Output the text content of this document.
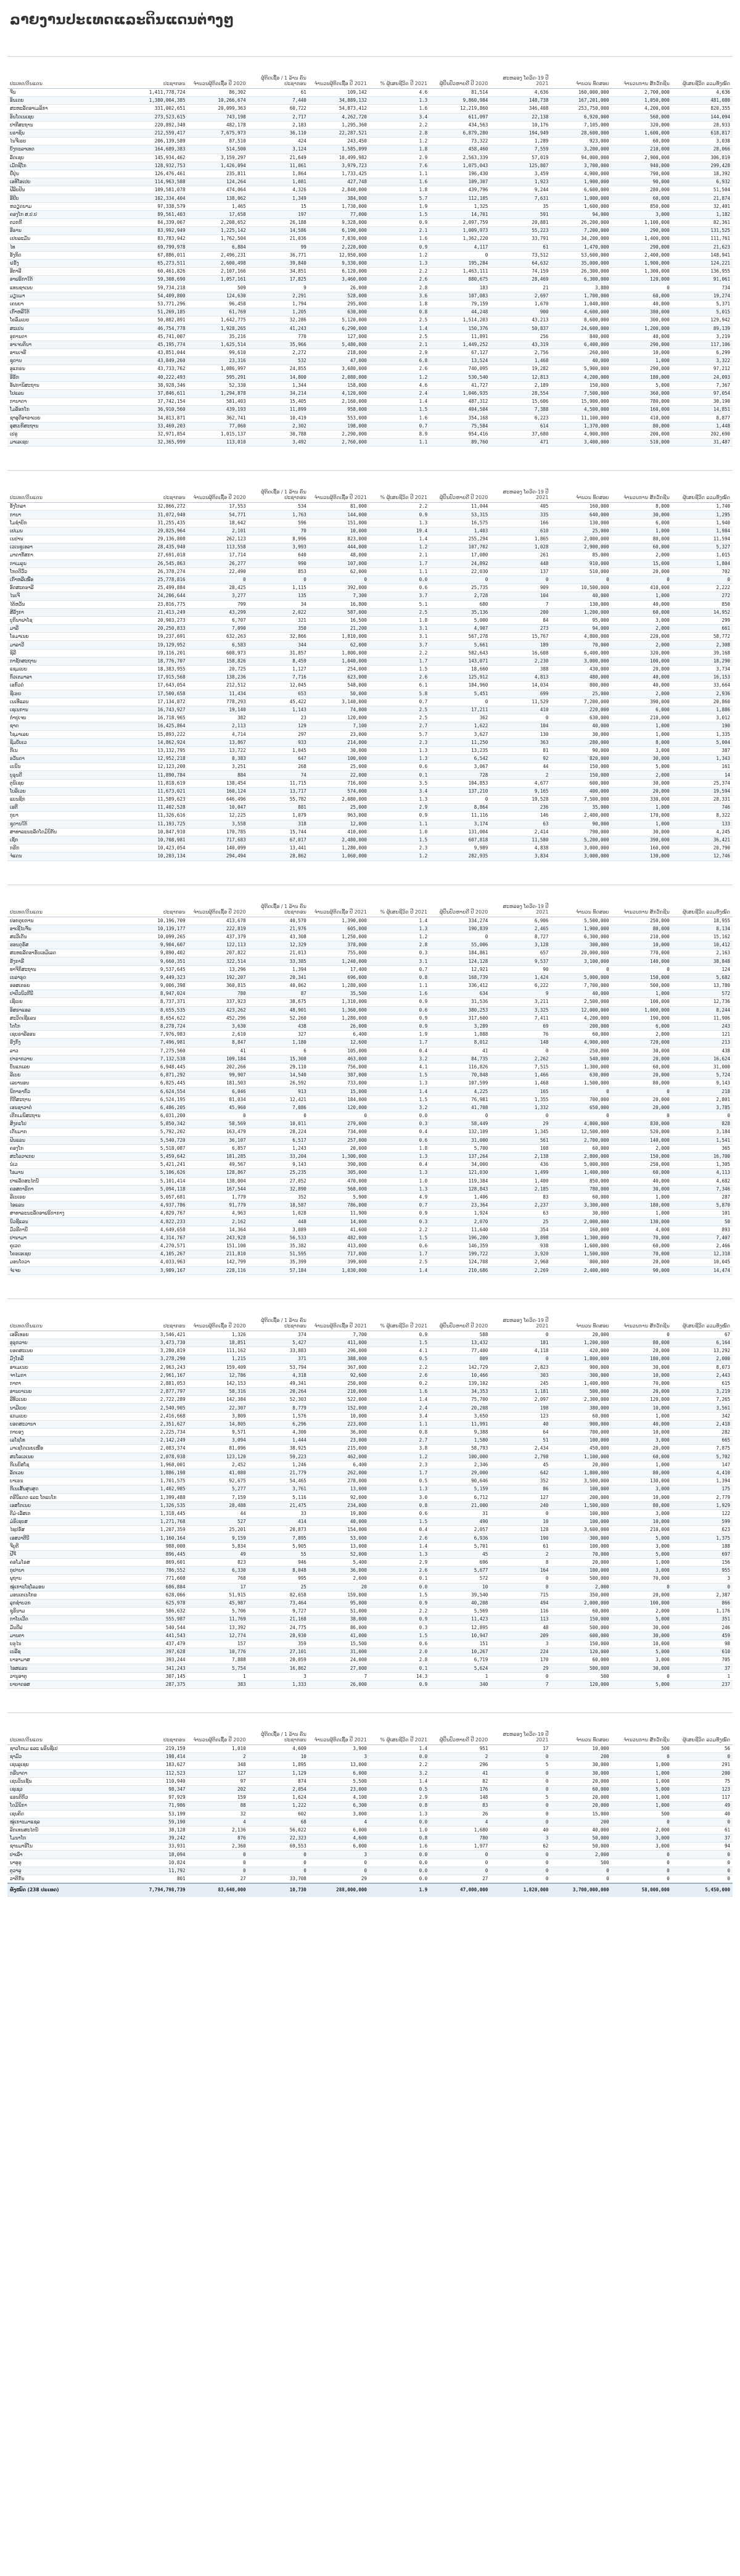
ລາຍງານປະເທດແລະດິນແດນຕ່າງໆ
ປະເທດ/ດິນແດນ	ປະຊາກອນ	ຈຳນວນຜູ້ຕິດເຊື້ອ ປີ 2020	ຜູ້ຕິດເຊື້ອ / 1 ລ້ານ ຄົນປະຊາກອນ	ຈຳນວນຜູ້ຕິດເຊື້ອ ປີ 2021	% ຜູ້ເສຍຊີວິດ ປີ 2021	ຜູ້ປິ່ນປົວຫາຍດີ ປີ 2020	ສະຫລອງ ໂຄວິດ-19 ປີ 2021	ຈຳນວນ ທົດສອບ	ຈຳນວນການ ສັກວັກຊີນ	ຜູ້ເສຍຊີວິດ ລວມທັງໝົດ
ຈີນ	1,411,778,724	86,302	61	109,142	4.6	81,514	4,636	160,000,000	2,700,000	4,636
ອິນເດຍ	1,380,004,385	10,266,674	7,440	34,889,132	1.3	9,860,984	148,738	167,201,000	1,050,000	481,080
ສະຫະລັດອາເມລິກາ	331,002,651	20,099,363	60,722	54,873,412	1.6	12,219,860	346,408	253,750,000	4,200,000	820,355
ອິນໂດເນເຊຍ	273,523,615	743,198	2,717	4,262,720	3.4	611,097	22,138	6,920,000	560,000	144,094
ປາກີສະຖານ	220,892,340	482,178	2,183	1,295,360	2.2	434,563	10,176	7,105,000	320,000	28,933
ບຣາຊິນ	212,559,417	7,675,973	36,110	22,287,521	2.8	6,879,280	194,949	28,600,000	1,600,000	618,817
ໄນຈີເຣຍ	206,139,589	87,510	424	243,450	1.2	73,322	1,289	923,000	60,000	3,038
ບັງກະລາເທດ	164,689,383	514,500	3,124	1,585,099	1.8	458,460	7,559	3,200,000	210,000	28,066
ລັດເຊຍ	145,934,462	3,159,297	21,649	10,499,982	2.9	2,563,339	57,019	94,000,000	2,900,000	306,819
ເມັກຊິໂກ	128,932,753	1,426,094	11,061	3,979,723	7.6	1,075,043	125,807	3,700,000	940,000	299,428
ຍີ່ປຸ່ນ	126,476,461	235,811	1,864	1,733,425	1.1	196,430	3,459	4,900,000	790,000	18,392
ເອທິໂອເປຍ	114,963,588	124,264	1,081	427,748	1.6	109,307	1,923	1,900,000	90,000	6,932
ຟີລິບປິນ	109,581,078	474,064	4,326	2,840,000	1.8	439,796	9,244	6,600,000	280,000	51,504
ອີຢິບ	102,334,404	138,062	1,349	384,000	5.7	112,105	7,631	1,000,000	60,000	21,874
ຫວຽດນາມ	97,338,579	1,465	15	1,730,000	1.9	1,325	35	1,600,000	850,000	32,401
ຄອງໂກ ສ.ປ.ປ	89,561,403	17,658	197	77,000	1.5	14,701	591	94,000	3,000	1,182
ຕວກກີ	84,339,067	2,208,652	26,188	9,328,000	0.9	2,097,759	20,881	26,200,000	1,100,000	82,361
ອີຣານ	83,992,949	1,225,142	14,586	6,190,000	2.1	1,009,973	55,223	7,200,000	290,000	131,525
ເຢຍລະມັນ	83,783,942	1,762,504	21,036	7,030,000	1.6	1,362,220	33,791	34,200,000	1,400,000	111,761
ໄທ	69,799,978	6,884	99	2,220,000	0.9	4,117	61	1,470,000	290,000	21,623
ອັງກິດ	67,886,011	2,496,231	36,771	12,950,000	1.2	0	73,512	53,600,000	2,400,000	148,941
ຝຣັ່ງ	65,273,511	2,600,498	39,840	9,330,000	1.3	195,284	64,632	35,000,000	1,900,000	124,221
ອີຕາລີ	60,461,826	2,107,166	34,851	6,120,000	2.2	1,463,111	74,159	26,300,000	1,300,000	136,955
ອາຟຣິກາໃຕ້	59,308,690	1,057,161	17,825	3,460,000	2.6	880,675	28,469	6,300,000	120,000	91,061
ແທນຊາເນຍ	59,734,218	509	9	26,000	2.8	183	21	3,880	0	734
ມຽນມາ	54,409,800	124,630	2,291	528,000	3.6	107,083	2,697	1,700,000	60,000	19,274
ເຄນຍາ	53,771,296	96,458	1,794	295,000	1.8	79,159	1,670	1,040,000	40,000	5,371
ເກົາຫລີໃຕ້	51,269,185	61,769	1,205	630,000	0.8	44,248	900	4,600,000	380,000	5,015
ໂຄລົມເບຍ	50,882,891	1,642,775	32,286	5,120,000	2.5	1,514,203	43,213	8,600,000	300,000	129,942
ສະເປນ	46,754,778	1,928,265	41,243	6,290,000	1.4	150,376	50,837	24,600,000	1,200,000	89,139
ອູການດາ	45,741,007	35,216	770	127,000	2.5	11,891	256	840,000	40,000	3,219
ອາເຈນຕິນາ	45,195,774	1,625,514	35,966	5,480,000	2.1	1,449,252	43,319	6,400,000	290,000	117,106
ອານເຈຣີ	43,851,044	99,610	2,272	218,000	2.9	67,127	2,756	260,000	10,000	6,299
ຊູດານ	43,849,260	23,316	532	47,000	6.8	13,524	1,468	40,000	1,000	3,322
ອູແກຣນ	43,733,762	1,086,997	24,855	3,680,000	2.6	740,095	19,282	5,900,000	290,000	97,212
ອີຣັກ	40,222,493	595,291	14,800	2,080,000	1.2	530,540	12,813	4,200,000	180,000	24,093
ອັຟການິສະຖານ	38,928,346	52,330	1,344	158,000	4.6	41,727	2,189	150,000	5,000	7,367
ໂປແລນ	37,846,611	1,294,878	34,214	4,120,000	2.4	1,046,935	28,554	7,500,000	360,000	97,054
ການາດາ	37,742,154	581,403	15,405	2,160,000	1.4	487,312	15,606	15,900,000	780,000	30,190
ໂມລັອກໂກ	36,910,560	439,193	11,899	958,000	1.5	404,504	7,388	4,500,000	160,000	14,851
ຊາອຸດີອາຣາເບຍ	34,813,871	362,741	10,419	553,000	1.6	354,168	6,223	11,100,000	410,000	8,877
ອຸສເບກິສະຖານ	33,469,203	77,060	2,302	198,000	0.7	75,584	614	1,370,000	80,000	1,448
ເປຣູ	32,971,854	1,015,137	30,788	2,290,000	8.9	954,416	37,680	4,900,000	200,000	202,690
ມາເລເຊຍ	32,365,999	113,010	3,492	2,760,000	1.1	89,760	471	3,400,000	510,000	31,487
ປະເທດ/ດິນແດນ	ປະຊາກອນ	ຈຳນວນຜູ້ຕິດເຊື້ອ ປີ 2020	ຜູ້ຕິດເຊື້ອ / 1 ລ້ານ ຄົນປະຊາກອນ	ຈຳນວນຜູ້ຕິດເຊື້ອ ປີ 2021	% ຜູ້ເສຍຊີວິດ ປີ 2021	ຜູ້ປິ່ນປົວຫາຍດີ ປີ 2020	ສະຫລອງ ໂຄວິດ-19 ປີ 2021	ຈຳນວນ ທົດສອບ	ຈຳນວນການ ສັກວັກຊີນ	ຜູ້ເສຍຊີວິດ ລວມທັງໝົດ
ອັງໂກລາ	32,866,272	17,553	534	81,000	2.2	11,044	405	160,000	8,000	1,740
ການາ	31,072,940	54,771	1,763	144,000	0.9	53,315	335	640,000	30,000	1,295
ໂມຊຳບິກ	31,255,435	18,642	596	151,000	1.3	16,575	166	130,000	6,000	1,940
ເຢເມນ	29,825,964	2,101	70	10,000	19.4	1,403	610	25,000	1,000	1,984
ເນປານ	29,136,808	262,123	8,996	823,000	1.4	255,294	1,865	2,000,000	80,000	11,594
ເວເນຊູເອລາ	28,435,940	113,558	3,993	444,000	1.2	107,702	1,028	2,900,000	60,000	5,327
ມາດາກັສກາ	27,691,018	17,714	640	48,000	2.1	17,080	261	85,000	2,000	1,015
ກາເມລູນ	26,545,863	26,277	990	107,000	1.7	24,892	448	910,000	15,000	1,804
ໂກດດິວົວ	26,378,274	22,490	853	62,000	1.1	22,030	137	510,000	20,000	702
ເກົາຫລີເໜືອ	25,778,816	0	0	0	0.0	0	0	0	0	0
ອົດສະຕຣາລີ	25,499,884	28,425	1,115	392,000	0.6	25,735	909	10,500,000	410,000	2,222
ໄນເຈີ	24,206,644	3,277	135	7,300	3.7	2,728	104	40,000	1,000	272
ໄຕ້ຫວັນ	23,816,775	799	34	16,800	5.1	680	7	130,000	40,000	850
ສີລັງກາ	21,413,249	43,299	2,022	587,000	2.5	35,136	200	1,200,000	60,000	14,952
ບູກິນາຟາໂຊ	20,903,273	6,707	321	16,500	1.8	5,000	84	95,000	3,000	299
ມາລີ	20,250,833	7,090	350	21,200	3.1	4,907	273	94,000	2,000	661
ໂຣມາເນຍ	19,237,691	632,263	32,866	1,810,000	3.1	567,278	15,767	4,800,000	220,000	58,772
ມາລາວີ	19,129,952	6,583	344	62,000	3.7	5,661	189	70,000	2,000	2,308
ຊິລີ	19,116,201	608,973	31,857	1,800,000	2.2	582,643	16,608	6,400,000	320,000	39,168
ກາຊັກສະຖານ	18,776,707	158,826	8,459	1,040,000	1.7	143,071	2,230	3,000,000	100,000	18,290
ແຊມເບຍ	18,383,955	20,725	1,127	254,000	1.5	18,660	388	430,000	20,000	3,734
ກົວເຕມາລາ	17,915,568	138,236	7,716	623,000	2.6	125,912	4,813	480,000	40,000	16,153
ເອກົວດໍ	17,643,054	212,512	12,045	548,000	6.1	184,960	14,034	800,000	40,000	33,664
ຊີເຣຍ	17,500,658	11,434	653	50,000	5.8	5,451	699	25,000	2,000	2,936
ເນເທີແລນ	17,134,872	778,293	45,422	3,140,000	0.7	0	11,529	7,200,000	390,000	20,860
ເຊເນການ	16,743,927	19,140	1,143	74,000	2.5	17,211	410	220,000	6,000	1,886
ກຳປູເຈຍ	16,718,965	382	23	120,000	2.5	362	0	630,000	210,000	3,012
ຊາດ	16,425,864	2,113	129	7,100	2.7	1,622	104	40,000	1,000	190
ໂຊມາເລຍ	15,893,222	4,714	297	23,000	5.7	3,627	130	30,000	1,000	1,335
ຊິມບັບເວ	14,862,924	13,867	933	214,000	2.3	11,250	363	280,000	8,000	5,004
ກີເນ	13,132,795	13,722	1,045	30,000	1.3	13,235	81	90,000	3,000	387
ຣວັນດາ	12,952,218	8,383	647	100,000	1.3	6,542	92	820,000	30,000	1,343
ເບນິນ	12,123,200	3,251	268	25,000	0.6	3,067	44	150,000	5,000	161
ບູຣຸນດີ	11,890,784	884	74	22,000	0.1	728	2	150,000	2,000	14
ຕູນິເຊຍ	11,818,619	138,454	11,715	716,000	3.5	104,853	4,677	600,000	30,000	25,374
ໂບລິເວຍ	11,673,021	160,124	13,717	574,000	3.4	137,210	9,165	400,000	20,000	19,594
ແບນຊິກ	11,589,623	646,496	55,782	2,080,000	1.3	0	19,528	7,500,000	330,000	28,331
ເຮຕີ	11,402,528	10,047	881	25,000	2.9	8,864	236	35,000	1,000	746
ກູບາ	11,326,616	12,225	1,079	963,000	0.9	11,116	146	2,400,000	170,000	8,322
ຊູດານໃຕ້	11,193,725	3,558	318	12,000	1.1	3,174	63	90,000	1,000	133
ສາທາລະນະລັດໂດມິນິກັນ	10,847,910	170,785	15,744	410,000	1.0	131,004	2,414	790,000	30,000	4,245
ເຊັກ	10,708,981	717,683	67,017	2,480,000	1.5	607,818	11,580	5,200,000	390,000	36,421
ກຣີກ	10,423,054	140,099	13,441	1,280,000	2.3	9,989	4,838	3,000,000	160,000	20,790
ຈໍແດນ	10,203,134	294,494	28,862	1,060,000	1.2	282,935	3,834	3,000,000	130,000	12,746
ປະເທດ/ດິນແດນ	ປະຊາກອນ	ຈຳນວນຜູ້ຕິດເຊື້ອ ປີ 2020	ຜູ້ຕິດເຊື້ອ / 1 ລ້ານ ຄົນປະຊາກອນ	ຈຳນວນຜູ້ຕິດເຊື້ອ ປີ 2021	% ຜູ້ເສຍຊີວິດ ປີ 2021	ຜູ້ປິ່ນປົວຫາຍດີ ປີ 2020	ສະຫລອງ ໂຄວິດ-19 ປີ 2021	ຈຳນວນ ທົດສອບ	ຈຳນວນການ ສັກວັກຊີນ	ຜູ້ເສຍຊີວິດ ລວມທັງໝົດ
ປອກຕຸຍການ	10,196,709	413,678	40,570	1,390,000	1.4	334,274	6,906	5,500,000	250,000	18,955
ອາເຊີໄບຈັນ	10,139,177	222,819	21,976	605,000	1.3	190,839	2,465	1,900,000	80,000	8,134
ສະວີເດັນ	10,099,265	437,379	43,308	1,250,000	1.2	0	8,727	6,300,000	210,000	15,162
ຮອນດູຣັສ	9,904,607	122,113	12,329	378,000	2.8	55,006	3,128	300,000	10,000	10,412
ສະຫະລັດອາຣັບເອມິເລດ	9,890,402	207,822	21,013	755,000	0.3	184,861	657	20,000,000	770,000	2,163
ຮັງກາຣີ	9,660,351	322,514	33,385	1,240,000	3.1	124,128	9,537	3,100,000	140,000	38,848
ທາຈິກິສະຖານ	9,537,645	13,296	1,394	17,400	0.7	12,921	90	0	0	124
ເບລາຣຸດ	9,449,323	192,207	20,341	696,000	0.8	168,739	1,424	5,000,000	150,000	5,682
ອອສເຕຣຍ	9,006,398	360,815	40,062	1,280,000	1.1	336,412	6,222	7,700,000	500,000	13,780
ປາປົວນິວກີນີ	8,947,024	780	87	35,500	1.6	634	9	40,000	1,000	572
ເຊີເບຍ	8,737,371	337,923	38,675	1,310,000	0.9	31,536	3,211	2,500,000	100,000	12,736
ອິສຣາແອລ	8,655,535	423,262	48,901	1,360,000	0.6	380,253	3,325	12,000,000	1,000,000	8,244
ສະວິດເຊີແລນ	8,654,622	452,296	52,260	1,280,000	0.9	317,600	7,411	4,200,000	190,000	11,906
ໂຕໂກ	8,278,724	3,630	438	26,000	0.9	3,289	69	200,000	6,000	243
ເຊຍຣາລີອອນ	7,976,983	2,610	327	6,400	1.9	1,888	76	60,000	2,000	121
ຮົງກົງ	7,496,981	8,847	1,180	12,600	1.7	8,012	148	4,900,000	720,000	213
ລາວ	7,275,560	41	6	105,000	0.4	41	0	250,000	30,000	438
ປາຣາກວາຍ	7,132,538	109,184	15,308	463,000	3.2	84,735	2,262	540,000	20,000	16,624
ບັນແກເລຍ	6,948,445	202,266	29,110	756,000	4.1	116,826	7,515	1,300,000	60,000	31,000
ລີເບຍ	6,871,292	99,907	14,540	387,000	1.5	70,848	1,466	630,000	20,000	5,724
ເລບານອນ	6,825,445	181,503	26,592	733,000	1.3	107,599	1,468	1,500,000	80,000	9,143
ນິກາຣາກົວ	6,624,554	6,046	913	15,000	1.4	4,225	165	0	0	218
ກີກີສະຖານ	6,524,195	81,034	12,421	184,000	1.5	76,981	1,355	700,000	20,000	2,801
ເອນຊາວາດໍ	6,486,205	45,960	7,086	120,000	3.2	41,708	1,332	650,000	20,000	3,785
ເຕີກເມນິສະຖານ	6,031,200	0	0	0	0.0	0	0	0	0	0
ສິງກະໂປ	5,850,342	58,569	10,011	279,000	0.3	58,449	29	4,800,000	830,000	828
ເດັນມາກ	5,792,202	163,479	28,224	734,000	0.4	132,109	1,345	12,500,000	520,000	3,184
ຟິນແລນ	5,540,720	36,107	6,517	257,000	0.6	31,000	561	2,700,000	140,000	1,541
ຄອງໂກ	5,518,087	6,857	1,243	20,000	1.8	5,700	108	60,000	2,000	365
ສະໂລວາເກຍ	5,459,642	181,285	33,204	1,300,000	1.3	137,264	2,138	2,800,000	150,000	16,700
ນໍເວ	5,421,241	49,567	9,143	390,000	0.4	34,000	436	5,000,000	250,000	1,305
ໂອມານ	5,106,626	128,867	25,235	305,000	1.3	121,030	1,499	1,400,000	60,000	4,113
ປາແລັດສະໄຕນ໌	5,101,414	138,004	27,052	470,000	1.0	119,384	1,400	850,000	40,000	4,682
ຄອສຕາຣິກາ	5,094,118	167,544	32,890	568,000	1.3	128,843	2,185	780,000	30,000	7,346
ລີເບເຣຍ	5,057,681	1,779	352	5,900	4.9	1,406	83	60,000	1,000	287
ໄອແລນ	4,937,786	91,779	18,587	786,000	0.7	23,364	2,237	3,300,000	180,000	5,870
ສາທາລະນະລັດອາຟຣິກາກາງ	4,829,767	4,963	1,028	11,900	0.9	1,924	63	30,000	1,000	101
ນິວຊີແລນ	4,822,233	2,162	448	14,000	0.3	2,070	25	2,000,000	130,000	50
ມົວຣີຕານີ	4,649,658	14,364	3,089	41,600	2.2	11,640	354	160,000	4,000	893
ປານາມາ	4,314,767	243,928	56,533	482,000	1.5	196,200	3,898	1,300,000	70,000	7,407
ຄູເວດ	4,270,571	151,100	35,382	413,000	0.6	146,359	938	1,600,000	60,000	2,466
ໂຄຣເອເຊຍ	4,105,267	211,810	51,595	717,000	1.7	199,722	3,920	1,500,000	70,000	12,318
ມອນໂດວາ	4,033,963	142,799	35,399	399,000	2.5	124,708	2,968	800,000	20,000	10,045
ຈໍເຈຍ	3,989,167	228,116	57,184	1,030,000	1.4	210,686	2,269	2,400,000	90,000	14,474
ປະເທດ/ດິນແດນ	ປະຊາກອນ	ຈຳນວນຜູ້ຕິດເຊື້ອ ປີ 2020	ຜູ້ຕິດເຊື້ອ / 1 ລ້ານ ຄົນປະຊາກອນ	ຈຳນວນຜູ້ຕິດເຊື້ອ ປີ 2021	% ຜູ້ເສຍຊີວິດ ປີ 2021	ຜູ້ປິ່ນປົວຫາຍດີ ປີ 2020	ສະຫລອງ ໂຄວິດ-19 ປີ 2021	ຈຳນວນ ທົດສອບ	ຈຳນວນການ ສັກວັກຊີນ	ຜູ້ເສຍຊີວິດ ລວມທັງໝົດ
ເອຣີເທຣຍ	3,546,421	1,326	374	7,700	0.9	588	0	20,000	0	67
ອູຣຸກວາຍ	3,473,730	18,851	5,427	411,000	1.5	13,432	181	1,200,000	80,000	6,164
ບອດສະເນຍ	3,280,819	111,162	33,883	296,000	4.1	77,400	4,118	420,000	20,000	13,292
ມົງໂກລີ	3,278,290	1,215	371	388,000	0.5	809	0	1,800,000	180,000	2,000
ອາເມເນຍ	2,963,243	159,409	53,794	367,000	2.2	142,729	2,823	900,000	30,000	8,073
ຈາໄມກາ	2,961,167	12,786	4,318	92,600	2.6	10,466	303	300,000	10,000	2,443
ກາຕາ	2,881,053	142,153	49,341	250,000	0.2	139,102	245	1,400,000	70,000	615
ອານບາເນຍ	2,877,797	58,316	20,264	210,000	1.6	34,353	1,181	500,000	20,000	3,219
ລີທົວເນຍ	2,722,289	142,384	52,303	522,000	1.4	75,700	2,097	2,300,000	120,000	7,265
ນາມີເບຍ	2,540,905	22,307	8,779	152,000	2.4	20,208	198	380,000	10,000	3,561
ແກມເບຍ	2,416,668	3,809	1,576	10,000	3.4	3,650	123	60,000	1,000	342
ບອດສະວານາ	2,351,627	14,805	6,296	223,000	1.1	11,991	40	900,000	40,000	2,418
ກາບອງ	2,225,734	9,571	4,300	36,000	0.8	9,388	64	700,000	10,000	282
ເລໂຊໂທ	2,142,249	3,094	1,444	23,000	2.7	1,580	51	100,000	3,000	665
ມາເຊໂດເນຍເໜືອ	2,083,374	81,096	38,925	215,000	3.8	58,793	2,434	450,000	20,000	7,875
ສະໂລເວເນຍ	2,078,938	123,120	59,223	462,000	1.2	100,000	2,798	1,100,000	60,000	5,702
ກີເນບິສໂຊ	1,968,001	2,452	1,246	6,400	2.3	2,346	45	20,000	1,000	147
ລັດເວຍ	1,886,198	41,080	21,779	262,000	1.7	29,000	642	1,800,000	80,000	4,410
ບາເຣນ	1,701,575	92,675	54,465	278,000	0.5	90,646	352	3,500,000	130,000	1,394
ກີເນເສັ້ນສູນສູດ	1,402,985	5,277	3,761	13,000	1.3	5,159	86	100,000	3,000	175
ຕຣີນິແດດ ແລະ ໂຕແບໂກ	1,399,488	7,159	5,116	92,000	3.0	6,712	127	200,000	10,000	2,779
ເອສໂຕເນຍ	1,326,535	28,488	21,475	234,000	0.8	21,000	240	1,500,000	80,000	1,929
ຕີມໍ-ເລັສເຕ	1,318,445	44	33	19,800	0.6	31	0	100,000	3,000	122
ມໍຣິເຊຍສ	1,271,768	527	414	40,000	1.5	490	10	100,000	10,000	599
ໄຊປຣັສ	1,207,359	25,201	20,873	154,000	0.4	2,057	128	3,600,000	210,000	623
ເອສວາຕີນີ	1,160,164	9,159	7,895	53,000	2.6	6,936	190	300,000	5,000	1,375
ຈີບູຕີ	988,000	5,834	5,905	13,000	1.4	5,701	61	100,000	3,000	188
ຟີຈີ	896,445	49	55	52,000	1.3	45	2	70,000	5,000	697
ຄອໂມໂຣສ	869,601	823	946	5,400	2.9	696	8	20,000	1,000	156
ກູຢານາ	786,552	6,330	8,048	36,000	2.6	5,677	164	100,000	3,000	955
ພູຖານ	771,608	768	995	2,600	0.1	572	0	500,000	70,000	3
ໝູ່ເກາະໂຊໂລມອນ	686,884	17	25	20	0.0	10	0	2,000	0	0
ມອນເຕເນໂກຣ	628,066	51,915	82,658	159,000	1.5	39,540	715	350,000	20,000	2,387
ລຸກຊຳບວກ	625,978	45,987	73,464	95,000	0.9	40,208	494	2,000,000	100,000	866
ຊູຣິນາມ	586,632	5,706	9,727	51,000	2.2	5,569	116	60,000	2,000	1,176
ກາໂບເວີດ	555,987	11,769	21,168	38,000	0.9	11,423	113	150,000	5,000	351
ມັນດີຟ	540,544	13,392	24,775	86,000	0.3	12,895	48	500,000	30,000	246
ມານຕາ	441,543	12,774	28,930	41,000	1.5	10,947	209	600,000	30,000	459
ບຣູໄນ	437,479	157	359	15,500	0.6	151	3	150,000	10,000	98
ເບລີຊ	397,628	10,776	27,101	31,000	2.0	10,267	224	120,000	5,000	610
ບາຮາມາສ	393,244	7,888	20,059	24,000	2.8	6,719	170	60,000	3,000	705
ໄອສແລນ	341,243	5,754	16,862	27,000	0.1	5,624	29	500,000	30,000	37
ວານູອາຕູ	307,145	1	3	7	14.3	1	0	500	0	1
ບາບາດອສ	287,375	383	1,333	26,000	0.9	340	7	120,000	5,000	237
ປະເທດ/ດິນແດນ	ປະຊາກອນ	ຈຳນວນຜູ້ຕິດເຊື້ອ ປີ 2020	ຜູ້ຕິດເຊື້ອ / 1 ລ້ານ ຄົນປະຊາກອນ	ຈຳນວນຜູ້ຕິດເຊື້ອ ປີ 2021	% ຜູ້ເສຍຊີວິດ ປີ 2021	ຜູ້ປິ່ນປົວຫາຍດີ ປີ 2020	ສະຫລອງ ໂຄວິດ-19 ປີ 2021	ຈຳນວນ ທົດສອບ	ຈຳນວນການ ສັກວັກຊີນ	ຜູ້ເສຍຊີວິດ ລວມທັງໝົດ
ຊາວໂຕເມ ແລະ ພຣິນຊີເປ	219,159	1,010	4,609	3,900	1.4	951	17	10,000	500	56
ຊາມົວ	198,414	2	10	3	0.0	2	0	200	0	0
ເຊນລູເຊຍ	183,627	348	1,895	13,000	2.2	296	5	30,000	1,000	291
ກຣີນາດາ	112,523	127	1,129	6,000	3.2	41	0	30,000	1,000	200
ເຊນວິນເຊັນ	110,940	97	874	5,500	1.4	82	0	20,000	1,000	75
ເຊເຊວ	98,347	202	2,054	23,000	0.5	176	0	60,000	5,000	123
ແອນຕິກົວ	97,929	159	1,624	4,100	2.9	148	5	20,000	1,000	117
ໂດມິນິກາ	71,986	88	1,222	6,300	0.8	83	0	20,000	1,000	49
ເຊນຄິດ	53,199	32	602	3,000	1.3	26	0	15,000	500	40
ໝູ່ເກາະມາແຊລ	59,190	4	68	4	0.0	4	0	200	0	0
ລິກເທນສະໄຕນ໌	38,128	2,136	56,022	6,000	1.0	1,680	40	40,000	2,000	61
ໂມນາໂກ	39,242	876	22,323	4,600	0.8	780	3	50,000	3,000	37
ຊານມາຣີໂນ	33,931	2,360	69,553	6,000	1.6	1,977	62	50,000	3,000	94
ປາເລົາ	18,094	0	0	3	0.0	0	0	2,000	0	0
ນາອູຣູ	10,824	0	0	0	0.0	0	0	500	0	0
ຕູວາລູ	11,792	0	0	0	0.0	0	0	0	0	0
ວາຕິກັນ	801	27	33,708	29	0.0	27	0	0	0	0
ທັງໝົດ (238 ປະເທດ)	7,794,798,739	83,640,000	10,730	288,000,000	1.9	47,000,000	1,820,000	3,700,000,000	58,000,000	5,450,000
